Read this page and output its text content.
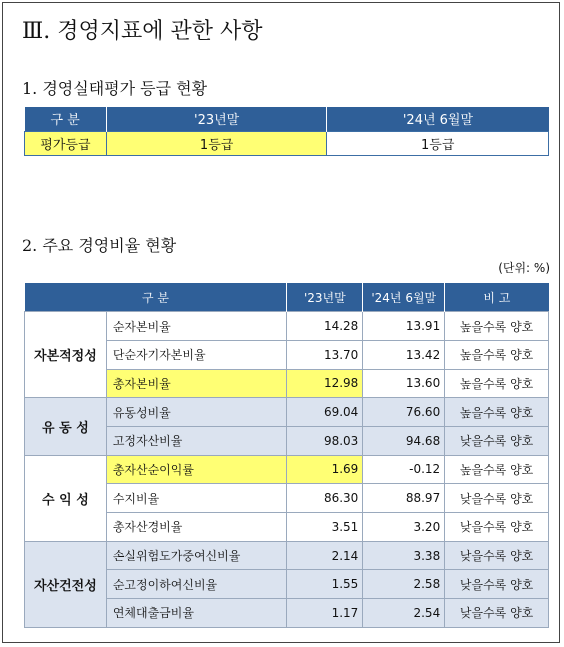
Ⅲ. 경영지표에 관한 사항
1. 경영실태평가 등급 현황
구 분	'23년말	'24년 6월말
평가등급	1등급	1등급
2. 주요 경영비율 현황
(단위: %)
구 분		'23년말	'24년 6월말	비 고
자본적정성	순자본비율	14.28	13.91	높을수록 양호
	단순자기자본비율	13.70	13.42	높을수록 양호
	총자본비율	12.98	13.60	높을수록 양호
유 동 성	유동성비율	69.04	76.60	높을수록 양호
	고정자산비율	98.03	94.68	낮을수록 양호
수 익 성	총자산순이익률	1.69	-0.12	높을수록 양호
	수지비율	86.30	88.97	낮을수록 양호
	총자산경비율	3.51	3.20	낮을수록 양호
자산건전성	손실위험도가중여신비율	2.14	3.38	낮을수록 양호
	순고정이하여신비율	1.55	2.58	낮을수록 양호
	연체대출금비율	1.17	2.54	낮을수록 양호
